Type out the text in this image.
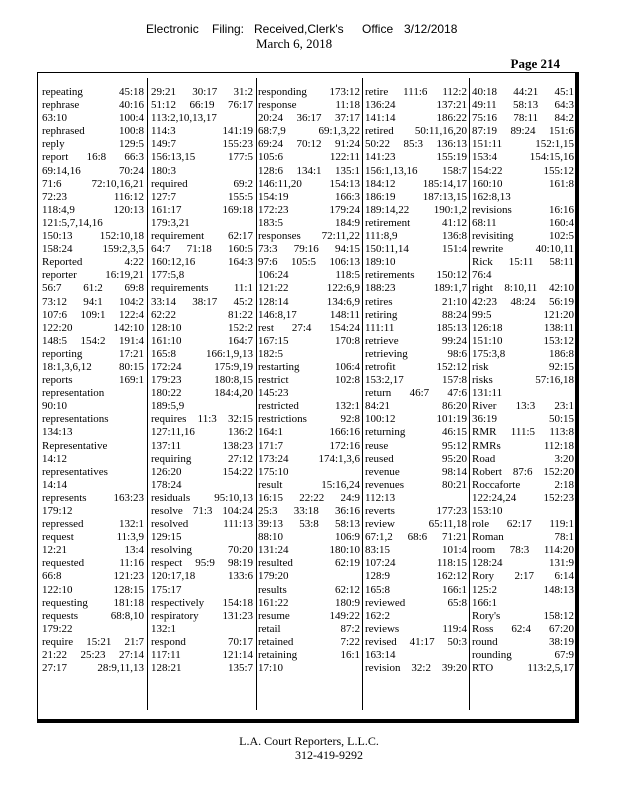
Electronic Filing: Received,Clerk's Office 3/12/2018
March 6, 2018
Page 214
repeating	45:18
rephrase	40:16
63:10	100:4
rephrased	100:8
reply	129:5
report 16:8 66:3
69:14,16	70:24
71:6	72:10,16,21
72:23	116:12
118:4,9	120:13
121:5,7,14,16
150:13 152:10,18
158:24	159:2,3,5
Reported	4:22
reporter	16:19,21
56:7 61:2 69:8
73:12 94:1 104:2
107:6 109:1 122:4
122:20	142:10
148:5 154:2 191:4
reporting	17:21
18:1,3,6,12 80:15
reports	169:1
representation
90:10
representations
134:13
Representative
14:12
representatives
14:14
represents 163:23
179:12
repressed	132:1
request	11:3,9
12:21	13:4
requested	11:16
66:8	121:23
122:10	128:15
requesting 181:18
requests	68:8,10
179:22
require 15:21 21:7
21:22 25:23 27:14
27:17	28:9,11,13
29:21 30:17 31:2
51:12 66:19 76:17
113:2,10,13,17
114:3	141:19
149:7	155:23
156:13,15	177:5
180:3
required	69:2
127:7	155:5
161:17	169:18
179:3,21
requirement 62:17
64:7 71:18 160:5
160:12,16	164:3
177:5,8
requirements 11:1
33:14 38:17 45:2
62:22	81:22
128:10	152:2
161:10	164:7
165:8	166:1,9,13
172:24	175:9,19
179:23	180:8,15
180:22	184:4,20
189:5,9
requires 11:3 32:15
127:11,16	136:2
137:11	138:23
requiring	27:12
126:20	154:22
178:24
residuals 95:10,13
resolve 71:3 104:24
resolved	111:13
129:15
resolving	70:20
respect 95:9 98:19
120:17,18	133:6
175:17
respectively 154:18
respiratory 131:23
132:1
respond	70:17
117:11	121:14
128:21	135:7
responding 173:12
response	11:18
20:24 36:17 37:17
68:7,9	69:1,3,22
69:24 70:12 91:24
105:6	122:11
128:6 134:1 135:1
146:11,20	154:13
154:19	166:3
172:23	179:24
183:5	184:9
responses 72:11,22
73:3 79:16 94:15
97:6 105:5 106:13
106:24	118:5
121:22	122:6,9
128:14	134:6,9
146:8,17	148:11
rest 27:4 154:24
167:15	170:8
182:5
restarting	106:4
restrict	102:8
145:23
restricted	132:1
restrictions	92:8
164:1	166:16
171:7	172:16
173:24	174:1,3,6
175:10
result	15:16,24
16:15 22:22 24:9
25:3 33:18 36:16
39:13 53:8 58:13
88:10	106:9
131:24	180:10
resulted	62:19
179:20
results	62:12
161:22	180:9
resume	149:22
retail	87:2
retained	7:22
retaining	16:1
17:10
retire 111:6 112:2
136:24	137:21
141:14	186:22
retired 50:11,16,20
50:22 85:3 136:13
141:23	155:19
156:1,13,16 158:7
184:12 185:14,17
186:19 187:13,15
189:14,22 190:1,2
retirement	41:12
111:8,9	136:8
150:11,14	151:4
189:10
retirements 150:12
188:23	189:1,7
retires	21:10
retiring	88:24
111:11	185:13
retrieve	99:24
retrieving	98:6
retrofit	152:12
153:2,17	157:8
return 46:7 47:6
84:21	86:20
100:12	101:19
returning	46:15
reuse	95:12
reused	95:20
revenue	98:14
revenues	80:21
112:13
reverts	177:23
review	65:11,18
67:1,2 68:6 71:21
83:15	101:4
107:24	118:15
128:9	162:12
165:8	166:1
reviewed	65:8
162:2
reviews	119:4
revised 41:17 50:3
163:14
revision 32:2 39:20
40:18 44:21 45:1
49:11 58:13 64:3
75:16 78:11 84:2
87:19 89:24 151:6
151:11	152:1,15
153:4	154:15,16
154:22	155:12
160:10	161:8
162:8,13
revisions	16:16
68:11	160:4
revisiting	102:5
rewrite	40:10,11
Rick 15:11 58:11
76:4
right 8:10,11 42:10
42:23 48:24 56:19
99:5	121:20
126:18	138:11
151:10	153:12
175:3,8	186:8
risk	92:15
risks	57:16,18
131:11
River 13:3 23:1
36:19	50:15
RMR 111:5 113:8
RMRs	112:18
Road	3:20
Robert 87:6 152:20
Roccaforte	2:18
122:24,24 152:23
153:10
role 62:17 119:1
Roman	78:1
room 78:3 114:20
128:24	131:9
Rory 2:17 6:14
125:2	148:13
166:1
Rory's	158:12
Ross 62:4 67:20
round	38:19
rounding	67:9
RTO	113:2,5,17
L.A. Court Reporters, L.L.C.
312-419-9292
